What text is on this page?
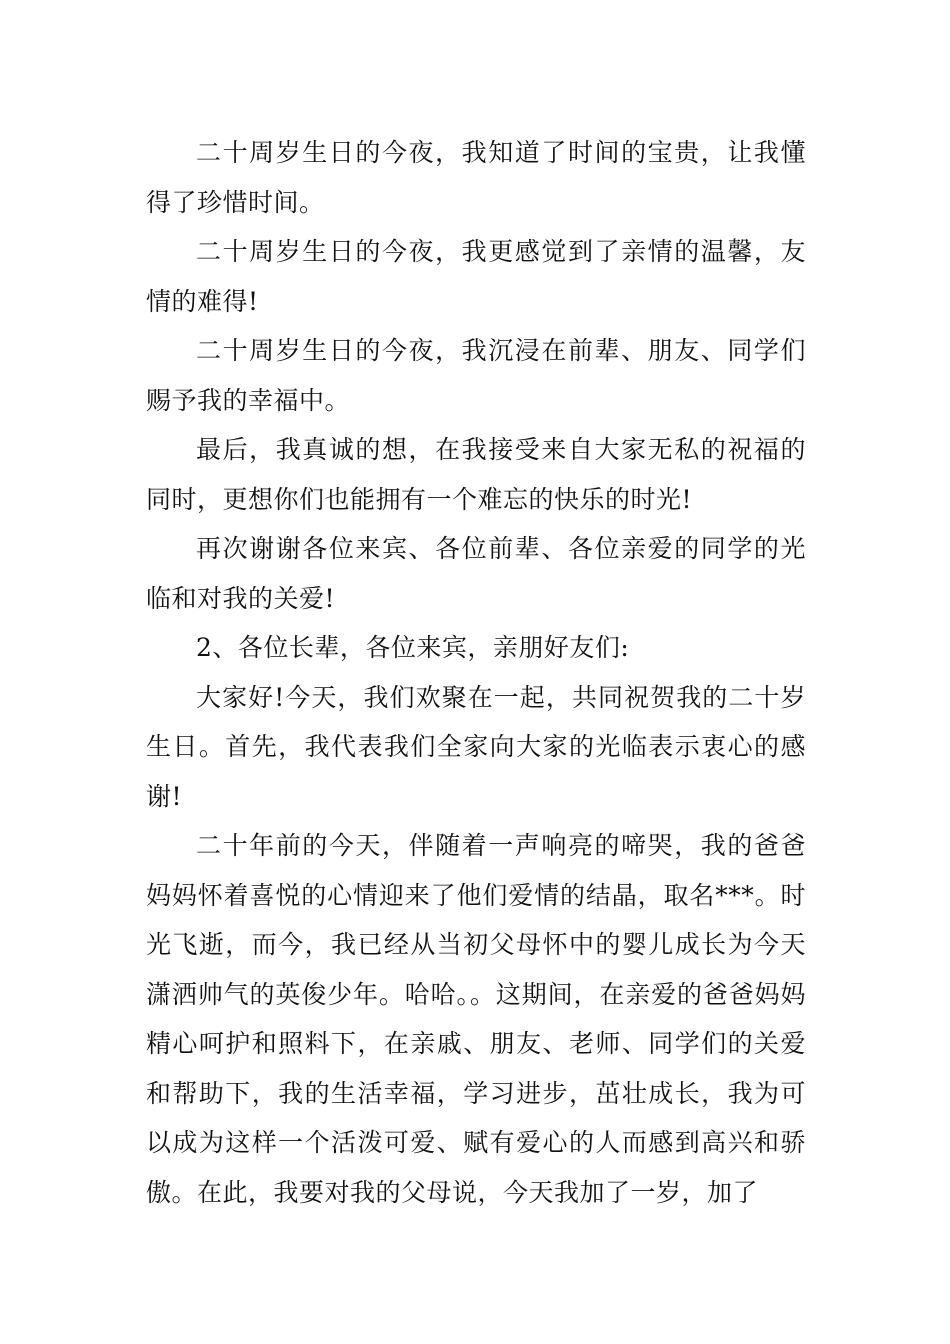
二十周岁生日的今夜，我知道了时间的宝贵，让我懂得了珍惜时间。

二十周岁生日的今夜，我更感觉到了亲情的温馨，友情的难得!

二十周岁生日的今夜，我沉浸在前辈、朋友、同学们赐予我的幸福中。

最后，我真诚的想，在我接受来自大家无私的祝福的同时，更想你们也能拥有一个难忘的快乐的时光!

再次谢谢各位来宾、各位前辈、各位亲爱的同学的光临和对我的关爱!

2、各位长辈，各位来宾，亲朋好友们:

大家好!今天，我们欢聚在一起，共同祝贺我的二十岁生日。首先，我代表我们全家向大家的光临表示衷心的感谢!

二十年前的今天，伴随着一声响亮的啼哭，我的爸爸妈妈怀着喜悦的心情迎来了他们爱情的结晶，取名***。时光飞逝，而今，我已经从当初父母怀中的婴儿成长为今天潇洒帅气的英俊少年。哈哈。。这期间，在亲爱的爸爸妈妈精心呵护和照料下，在亲戚、朋友、老师、同学们的关爱和帮助下，我的生活幸福，学习进步，茁壮成长，我为可以成为这样一个活泼可爱、赋有爱心的人而感到高兴和骄傲。在此，我要对我的父母说，今天我加了一岁，加了
